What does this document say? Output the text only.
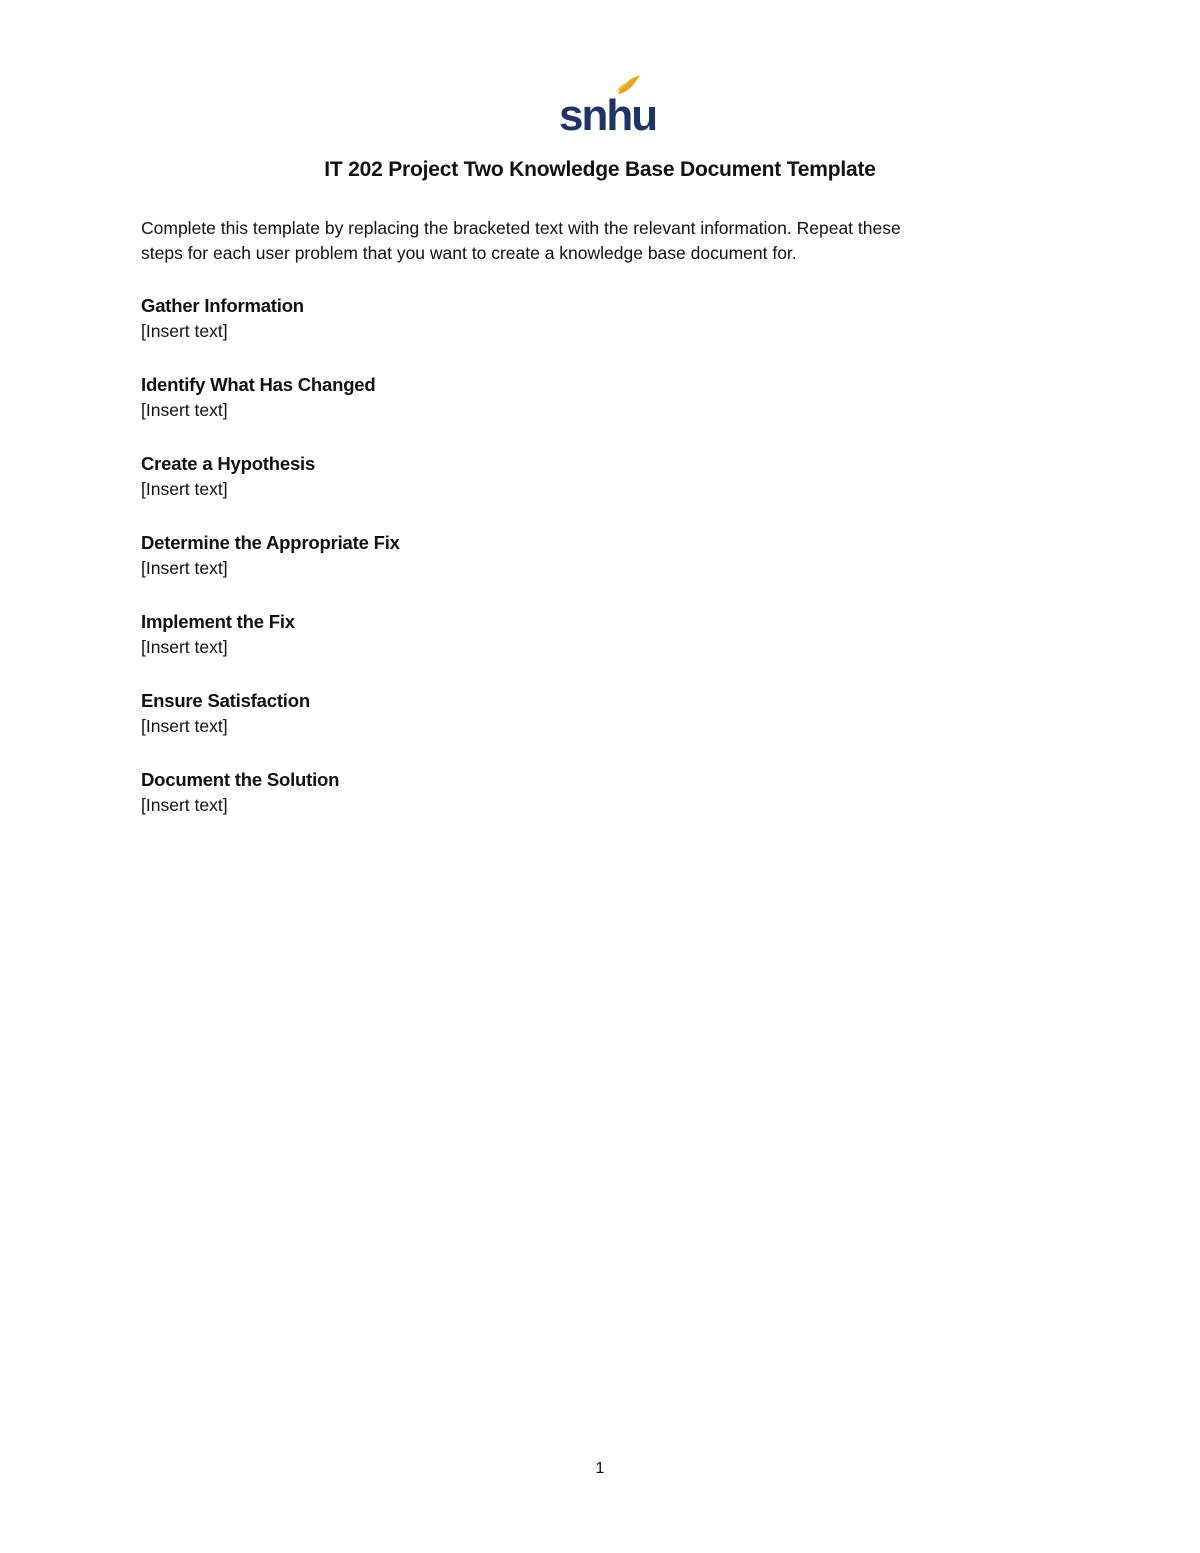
snhu
IT 202 Project Two Knowledge Base Document Template
Complete this template by replacing the bracketed text with the relevant information. Repeat these
steps for each user problem that you want to create a knowledge base document for.
Gather Information
[Insert text]
Identify What Has Changed
[Insert text]
Create a Hypothesis
[Insert text]
Determine the Appropriate Fix
[Insert text]
Implement the Fix
[Insert text]
Ensure Satisfaction
[Insert text]
Document the Solution
[Insert text]
1
